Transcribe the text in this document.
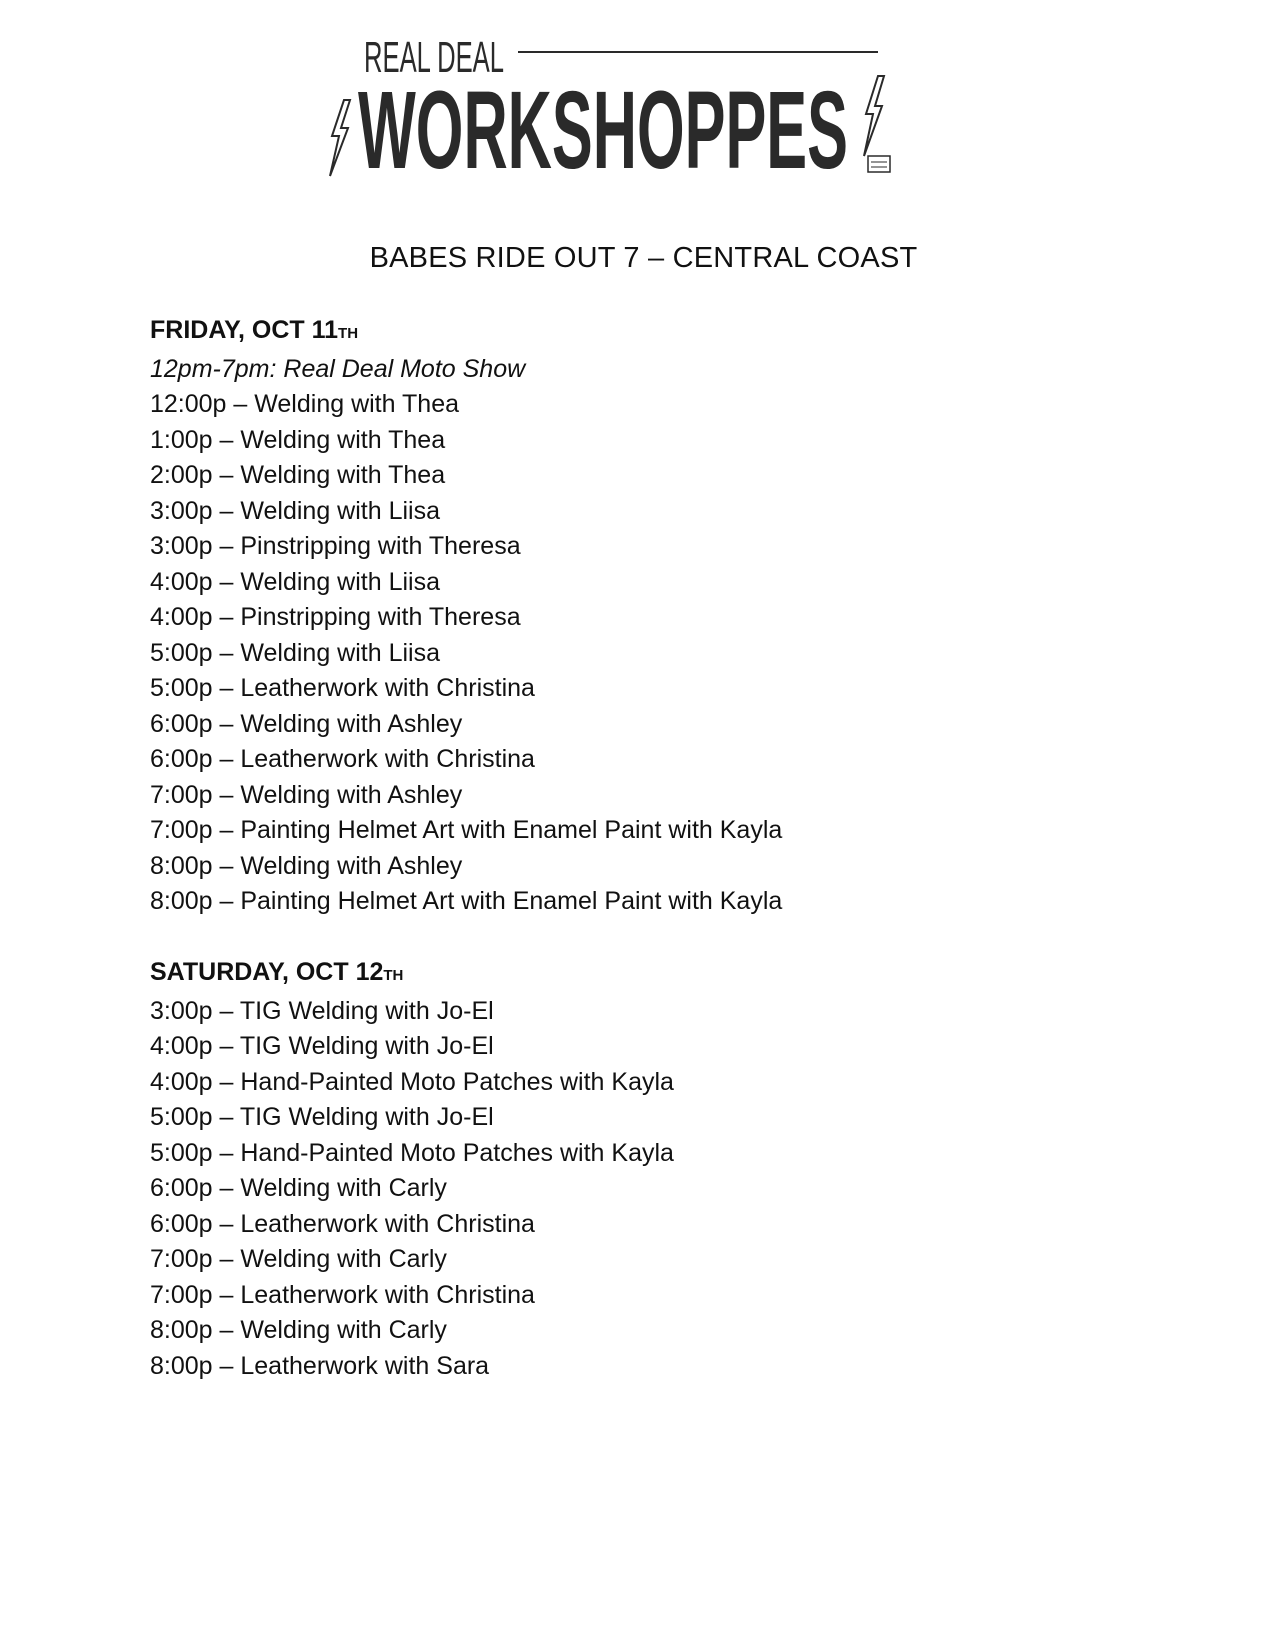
REAL DEAL
WORKSHOPPES
BABES RIDE OUT 7 – CENTRAL COAST

FRIDAY, OCT 11TH

12pm-7pm: Real Deal Moto Show

12:00p – Welding with Thea

1:00p – Welding with Thea

2:00p – Welding with Thea

3:00p – Welding with Liisa

3:00p – Pinstripping with Theresa

4:00p – Welding with Liisa

4:00p – Pinstripping with Theresa

5:00p – Welding with Liisa

5:00p – Leatherwork with Christina

6:00p – Welding with Ashley

6:00p – Leatherwork with Christina

7:00p – Welding with Ashley

7:00p – Painting Helmet Art with Enamel Paint with Kayla

8:00p – Welding with Ashley

8:00p – Painting Helmet Art with Enamel Paint with Kayla

SATURDAY, OCT 12TH

3:00p – TIG Welding with Jo-El

4:00p – TIG Welding with Jo-El

4:00p – Hand-Painted Moto Patches with Kayla

5:00p – TIG Welding with Jo-El

5:00p – Hand-Painted Moto Patches with Kayla

6:00p – Welding with Carly

6:00p – Leatherwork with Christina

7:00p – Welding with Carly

7:00p – Leatherwork with Christina

8:00p – Welding with Carly

8:00p – Leatherwork with Sara
